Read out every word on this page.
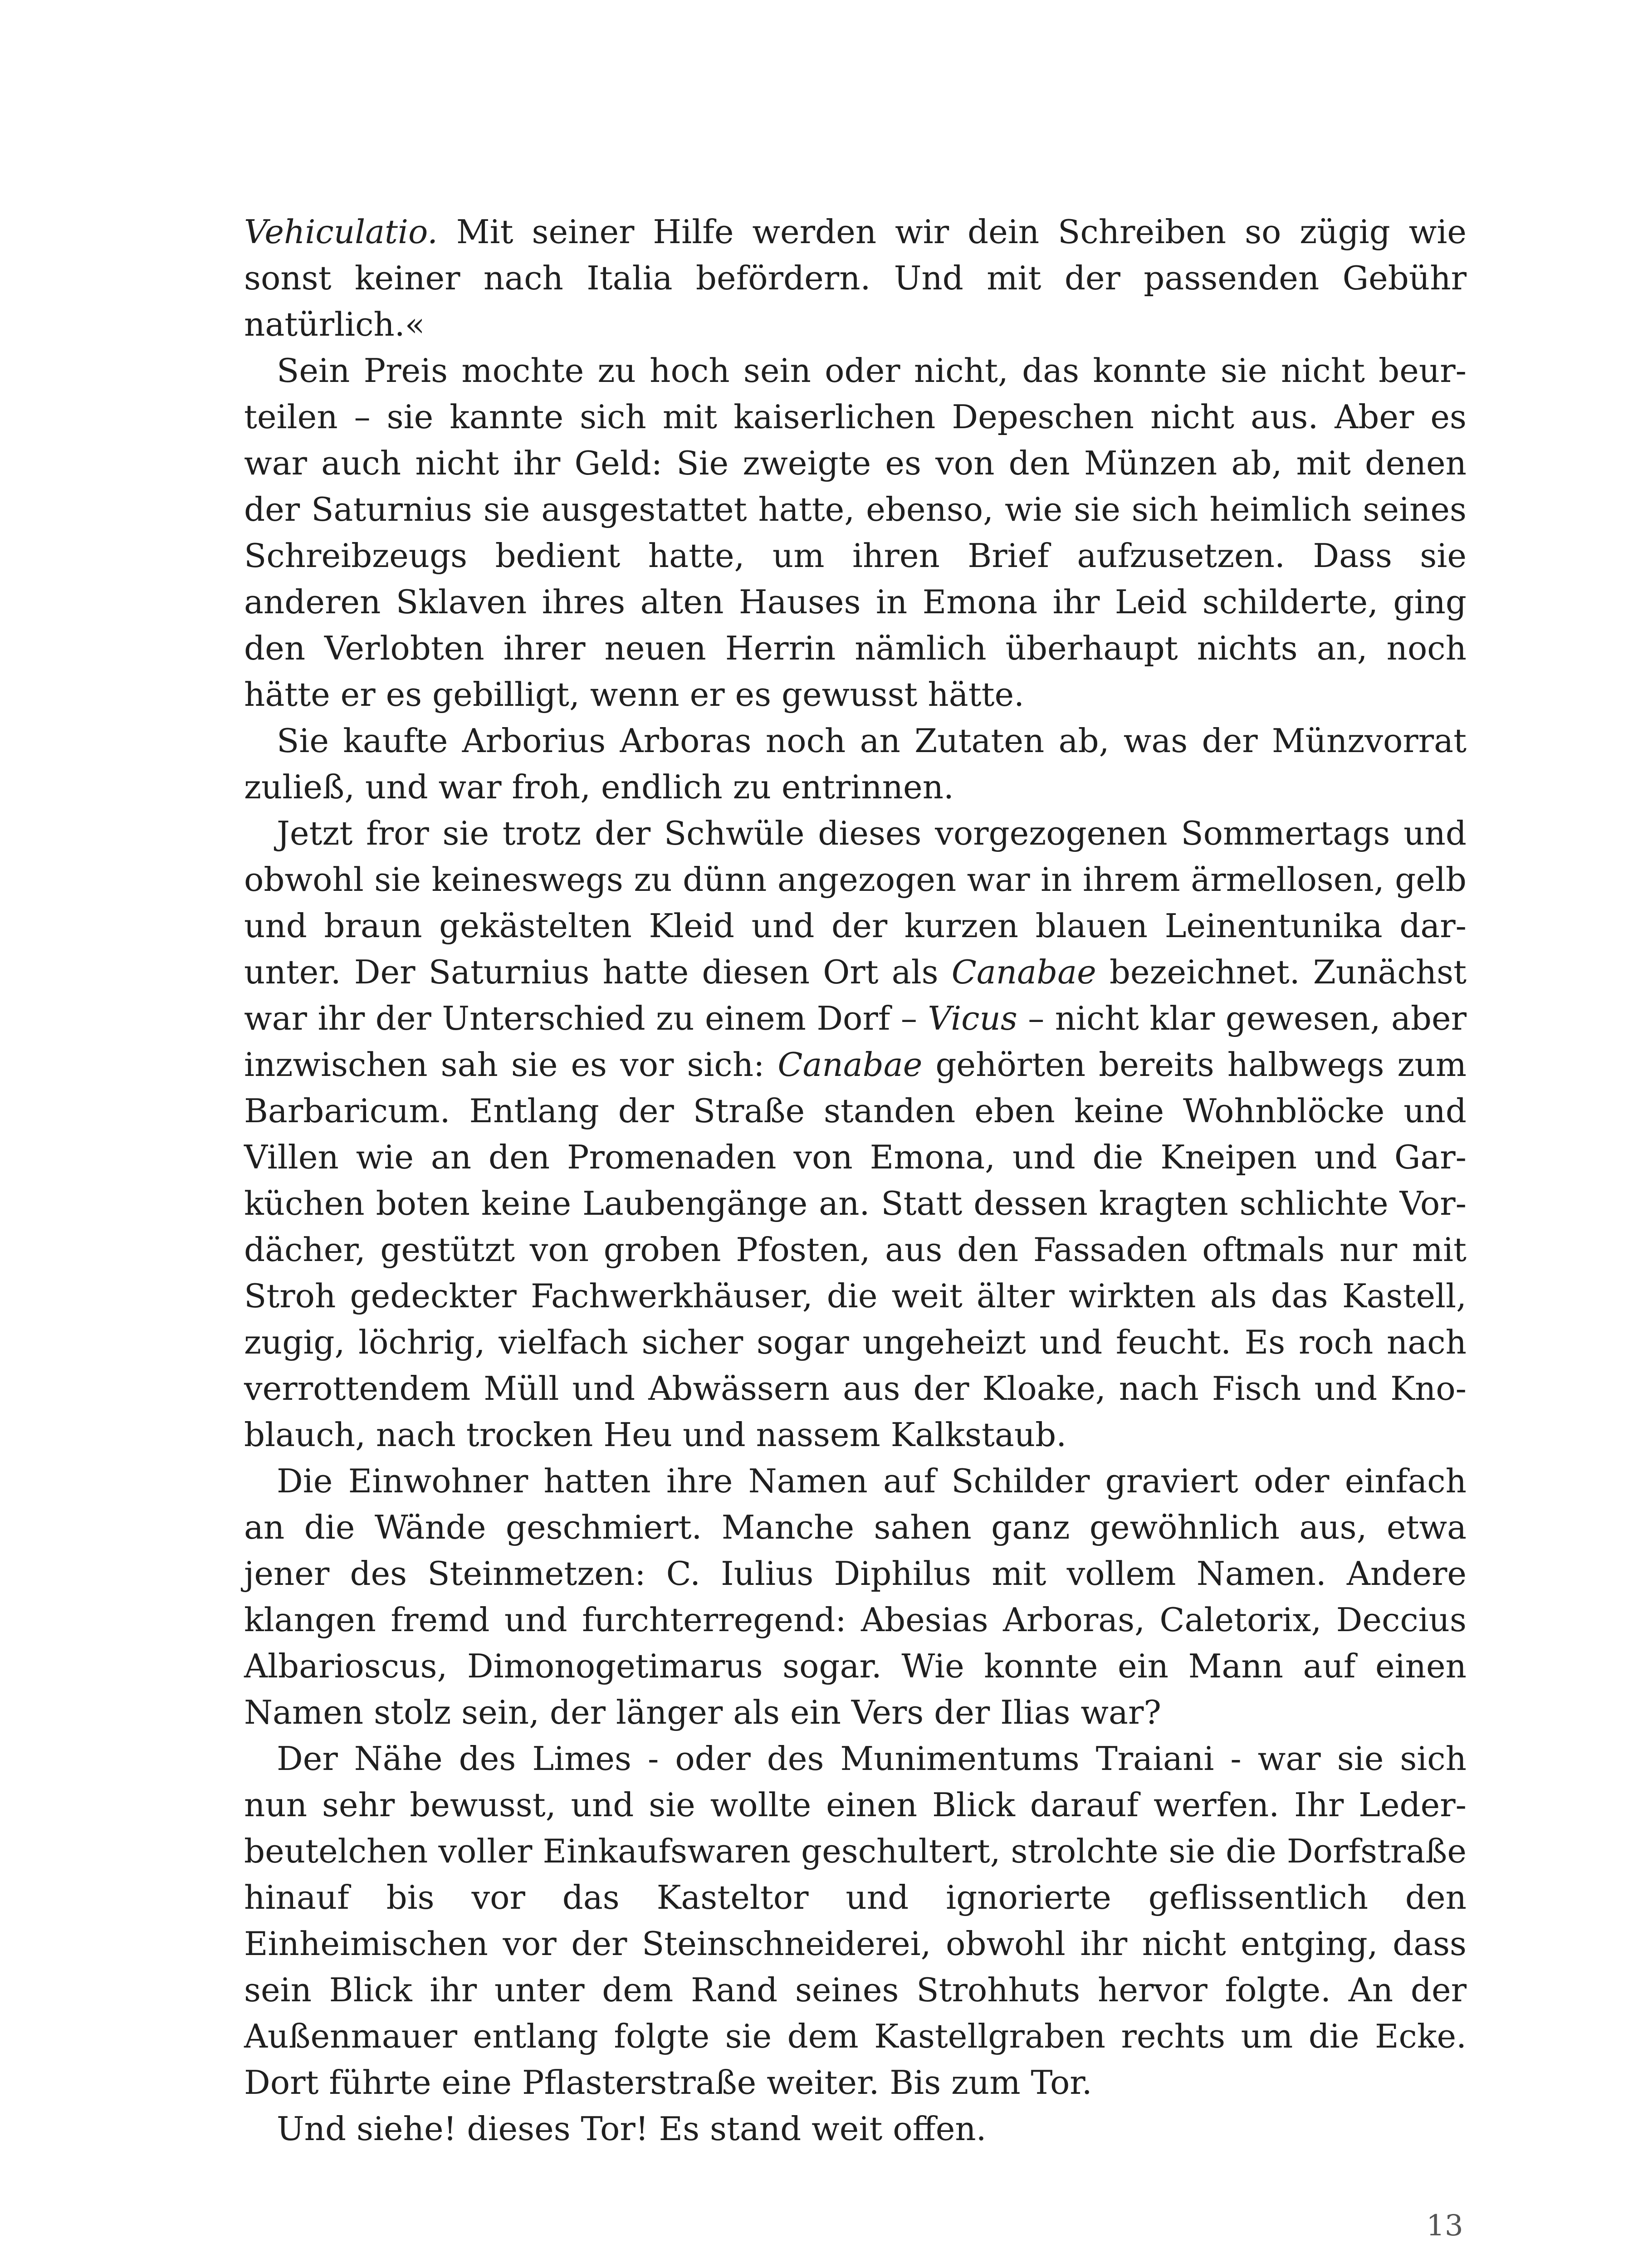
Vehiculatio. Mit seiner Hilfe werden wir dein Schreiben so zügig wie sonst keiner nach Italia befördern. Und mit der passenden Gebühr natürlich.«

Sein Preis mochte zu hoch sein oder nicht, das konnte sie nicht beurteilen – sie kannte sich mit kaiserlichen Depeschen nicht aus. Aber es war auch nicht ihr Geld: Sie zweigte es von den Münzen ab, mit denen der Saturnius sie ausgestattet hatte, ebenso, wie sie sich heimlich seines Schreibzeugs bedient hatte, um ihren Brief aufzusetzen. Dass sie anderen Sklaven ihres alten Hauses in Emona ihr Leid schilderte, ging den Verlobten ihrer neuen Herrin nämlich überhaupt nichts an, noch hätte er es gebilligt, wenn er es gewusst hätte.

Sie kaufte Arborius Arboras noch an Zutaten ab, was der Münzvorrat zuließ, und war froh, endlich zu entrinnen.

Jetzt fror sie trotz der Schwüle dieses vorgezogenen Sommertags und obwohl sie keineswegs zu dünn angezogen war in ihrem ärmellosen, gelb und braun gekästelten Kleid und der kurzen blauen Leinentunika darunter. Der Saturnius hatte diesen Ort als Canabae bezeichnet. Zunächst war ihr der Unterschied zu einem Dorf – Vicus – nicht klar gewesen, aber inzwischen sah sie es vor sich: Canabae gehörten bereits halbwegs zum Barbaricum. Entlang der Straße standen eben keine Wohnblöcke und Villen wie an den Promenaden von Emona, und die Kneipen und Garküchen boten keine Laubengänge an. Statt dessen kragten schlichte Vordächer, gestützt von groben Pfosten, aus den Fassaden oftmals nur mit Stroh gedeckter Fachwerkhäuser, die weit älter wirkten als das Kastell, zugig, löchrig, vielfach sicher sogar ungeheizt und feucht. Es roch nach verrottendem Müll und Abwässern aus der Kloake, nach Fisch und Knoblauch, nach trocken Heu und nassem Kalkstaub.

Die Einwohner hatten ihre Namen auf Schilder graviert oder einfach an die Wände geschmiert. Manche sahen ganz gewöhnlich aus, etwa jener des Steinmetzen: C. Iulius Diphilus mit vollem Namen. Andere klangen fremd und furchterregend: Abesias Arboras, Caletorix, Deccius Albarioscus, Dimonogetimarus sogar. Wie konnte ein Mann auf einen Namen stolz sein, der länger als ein Vers der Ilias war?

Der Nähe des Limes - oder des Munimentums Traiani - war sie sich nun sehr bewusst, und sie wollte einen Blick darauf werfen. Ihr Lederbeutelchen voller Einkaufswaren geschultert, strolchte sie die Dorfstraße hinauf bis vor das Kasteltor und ignorierte geflissentlich den Einheimischen vor der Steinschneiderei, obwohl ihr nicht entging, dass sein Blick ihr unter dem Rand seines Strohhuts hervor folgte. An der Außenmauer entlang folgte sie dem Kastellgraben rechts um die Ecke. Dort führte eine Pflasterstraße weiter. Bis zum Tor.

Und siehe! dieses Tor! Es stand weit offen.

13
